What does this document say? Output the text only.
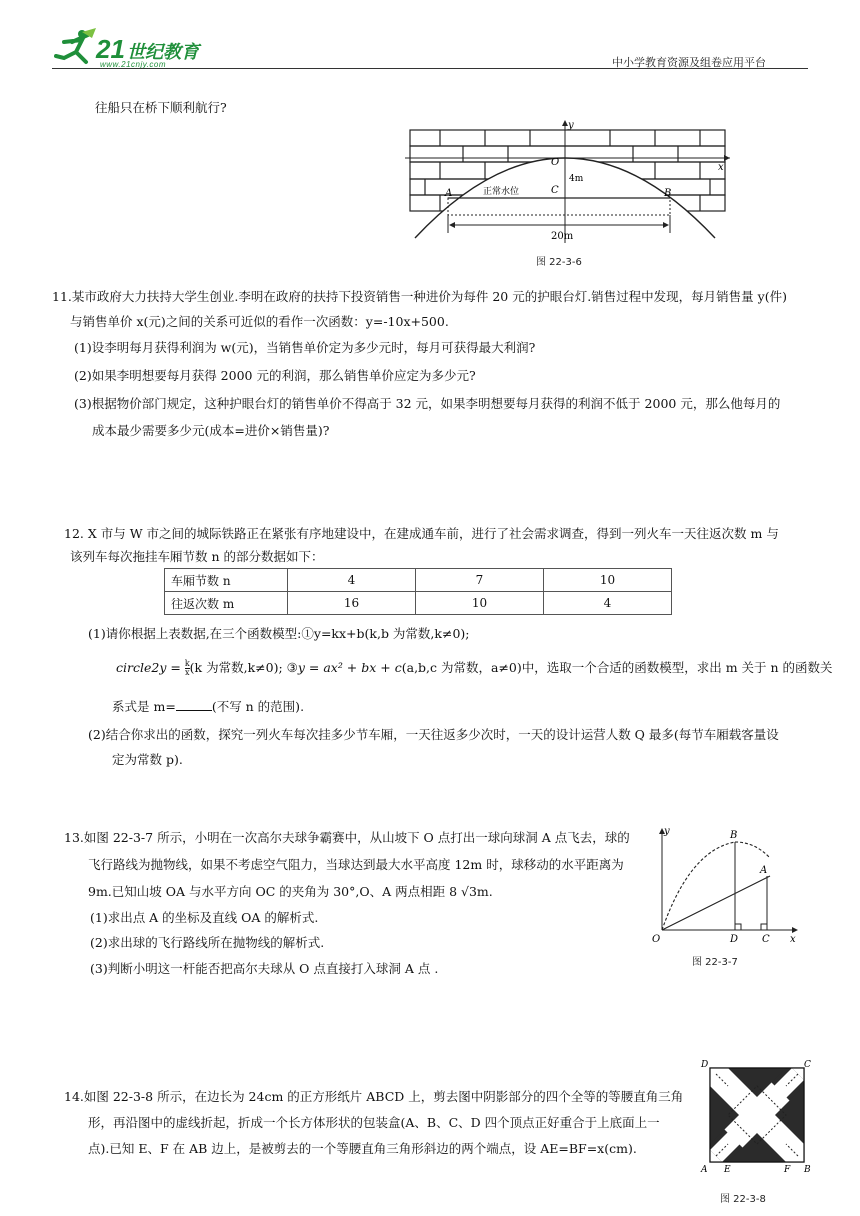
21 世纪教育
www.21cnjy.com	中小学教育资源及组卷应用平台
往船只在桥下顺利航行?
y
x
O
4m
C
A	B
正常水位
20m
图 22-3-6
11.某市政府大力扶持大学生创业.李明在政府的扶持下投资销售一种进价为每件 20 元的护眼台灯.销售过程中发现，每月销售量 y(件)
与销售单价 x(元)之间的关系可近似的看作一次函数：y=-10x+500.
(1)设李明每月获得利润为 w(元)，当销售单价定为多少元时，每月可获得最大利润?
(2)如果李明想要每月获得 2000 元的利润，那么销售单价应定为多少元?
(3)根据物价部门规定，这种护眼台灯的销售单价不得高于 32 元，如果李明想要每月获得的利润不低于 2000 元，那么他每月的
成本最少需要多少元(成本=进价×销售量)?
12. X 市与 W 市之间的城际铁路正在紧张有序地建设中，在建成通车前，进行了社会需求调查，得到一列火车一天往返次数 m 与
该列车每次拖挂车厢节数 n 的部分数据如下：
车厢节数 n	4	7	10
往返次数 m	16	10	4
(1)请你根据上表数据,在三个函数模型:①y=kx+b(k,b 为常数,k≠0);
circle2y = $\frac{k}{x} (k$ 为常数,k≠0); ③y = ax² + bx + c(a,b,c 为常数，a≠0)中，选取一个合适的函数模型，求出 m 关于 n 的函数关
系式是 m=	(不写 n 的范围).
(2)结合你求出的函数，探究一列火车每次挂多少节车厢，一天往返多少次时，一天的设计运营人数 Q 最多(每节车厢载客量设
定为常数 p).
13.如图 22-3-7 所示，小明在一次高尔夫球争霸赛中，从山坡下 O 点打出一球向球洞 A 点飞去，球的
飞行路线为抛物线，如果不考虑空气阻力，当球达到最大水平高度 12m 时，球移动的水平距离为
9m.已知山坡 OA 与水平方向 OC 的夹角为 30°,O、A 两点相距 8 √3m.
(1)求出点 A 的坐标及直线 OA 的解析式.
(2)求出球的飞行路线所在抛物线的解析式.
(3)判断小明这一杆能否把高尔夫球从 O 点直接打入球洞 A 点 .
y
x
O
B
A
D C
图 22-3-7
14.如图 22-3-8 所示，在边长为 24cm 的正方形纸片 ABCD 上，剪去图中阴影部分的四个全等的等腰直角三角
形，再沿图中的虚线折起，折成一个长方体形状的包装盒(A、B、C、D 四个顶点正好重合于上底面上一
点).已知 E、F 在 AB 边上，是被剪去的一个等腰直角三角形斜边的两个端点，设 AE=BF=x(cm).
D	C
A E	F B
图 22-3-8
